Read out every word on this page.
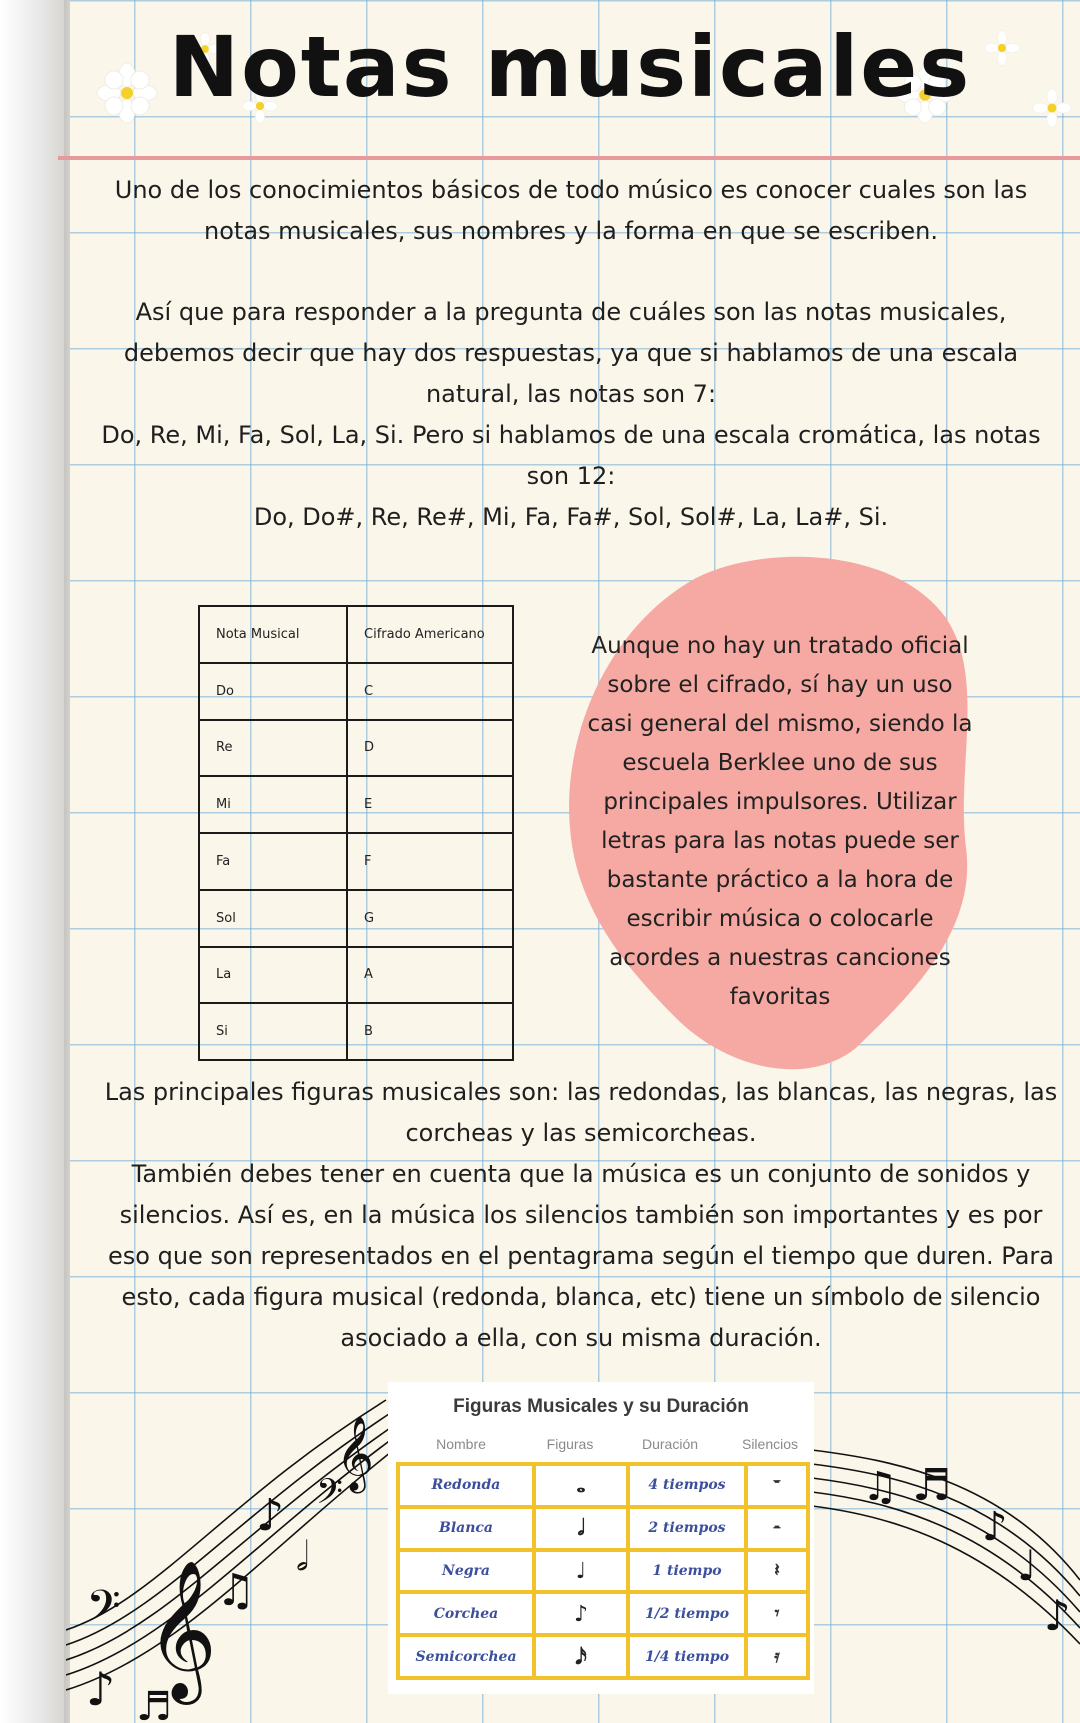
Notas musicales

Uno de los conocimientos básicos de todo músico es conocer cuales son las notas musicales, sus nombres y la forma en que se escriben.

Así que para responder a la pregunta de cuáles son las notas musicales, debemos decir que hay dos respuestas, ya que si hablamos de una escala natural, las notas son 7:

Do, Re, Mi, Fa, Sol, La, Si. Pero si hablamos de una escala cromática, las notas son 12:

Do, Do#, Re, Re#, Mi, Fa, Fa#, Sol, Sol#, La, La#, Si.

Nota Musical	Cifrado Americano
Do	C
Re	D
Mi	E
Fa	F
Sol	G
La	A
Si	B
Aunque no hay un tratado oficial sobre el cifrado, sí hay un uso casi general del mismo, siendo la escuela Berklee uno de sus principales impulsores. Utilizar letras para las notas puede ser bastante práctico a la hora de escribir música o colocarle acordes a nuestras canciones favoritas

Las principales figuras musicales son: las redondas, las blancas, las negras, las corcheas y las semicorcheas.

También debes tener en cuenta que la música es un conjunto de sonidos y silencios. Así es, en la música los silencios también son importantes y es por eso que son representados en el pentagrama según el tiempo que duren. Para esto, cada figura musical (redonda, blanca, etc) tiene un símbolo de silencio asociado a ella, con su misma duración.

𝄞
𝄢
𝄞
𝄢
♪
𝅗𝅥
♫
♪ ♬
♫ ♬
♪
♩
♪
Figuras Musicales y su Duración
Nombre	Figuras	Duración	Silencios
Redonda	𝅝	4 tiempos	𝄻
Blanca	𝅗𝅥	2 tiempos	𝄼
Negra	♩	1 tiempo	𝄽
Corchea	♪	1/2 tiempo	𝄾
Semicorchea	𝅘𝅥𝅯	1/4 tiempo	𝄿
